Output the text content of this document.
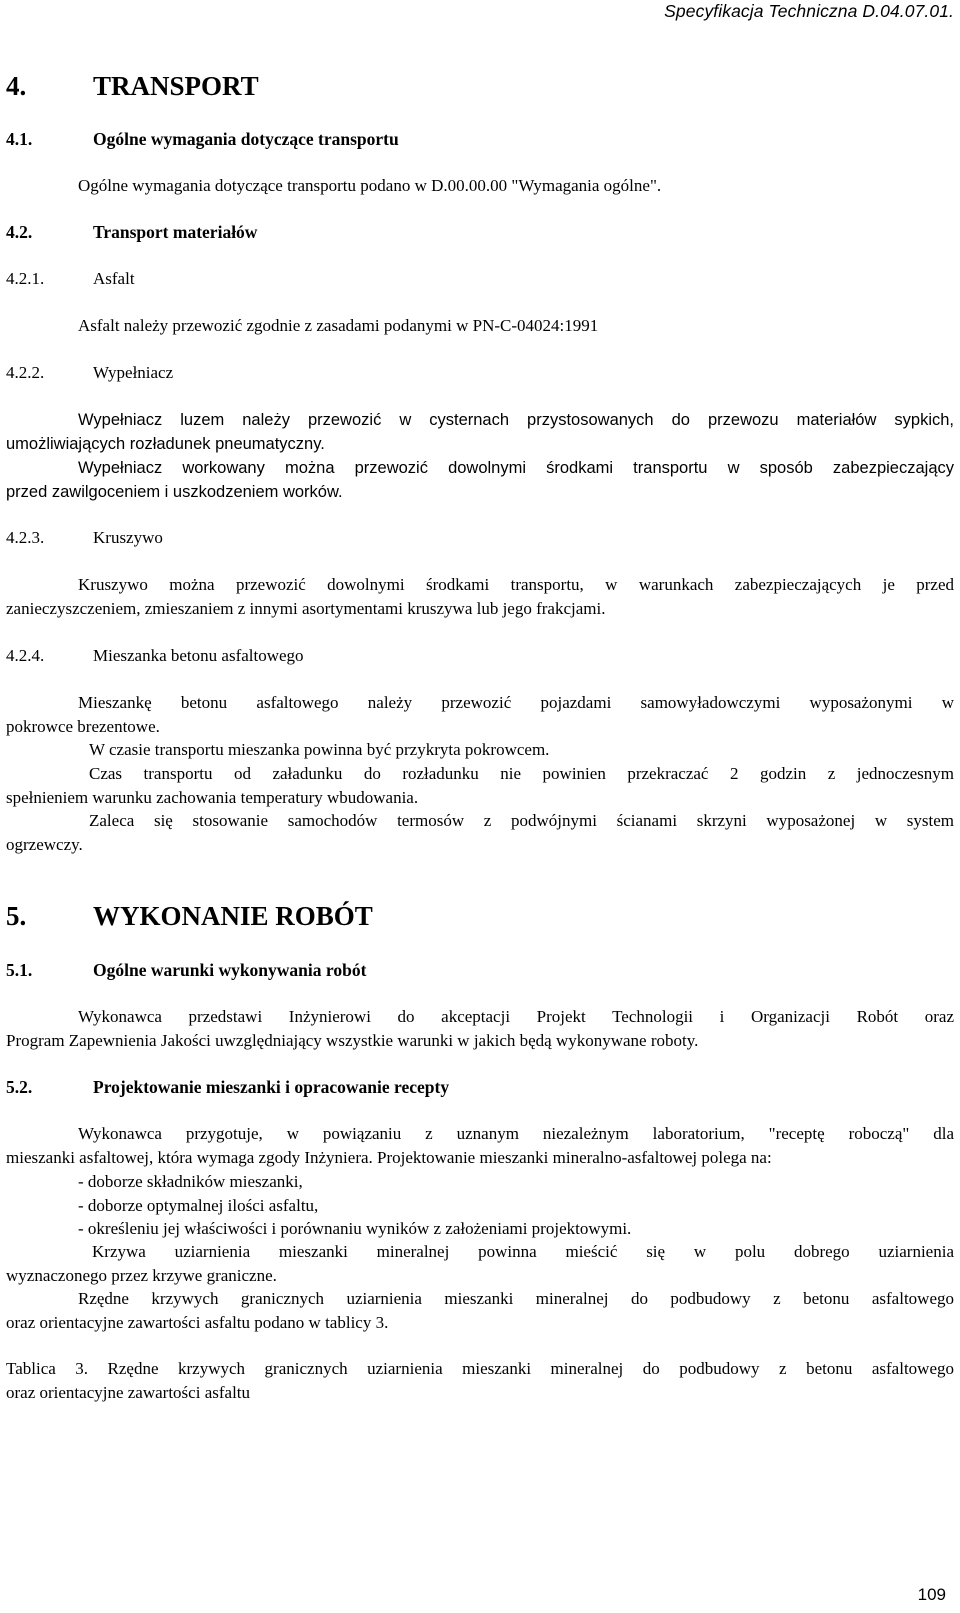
Specyfikacja Techniczna D.04.07.01.
4. TRANSPORT
4.1.	Ogólne wymagania dotyczące transportu
Ogólne wymagania dotyczące transportu podano w D.00.00.00 "Wymagania ogólne".
4.2.	Transport materiałów
4.2.1.	Asfalt
Asfalt należy przewozić zgodnie z zasadami podanymi w PN-C-04024:1991
4.2.2.	Wypełniacz
Wypełniacz luzem należy przewozić w cysternach przystosowanych do przewozu materiałów sypkich,
umożliwiających rozładunek pneumatyczny.
Wypełniacz workowany można przewozić dowolnymi środkami transportu w sposób zabezpieczający
przed zawilgoceniem i uszkodzeniem worków.
4.2.3.	Kruszywo
Kruszywo można przewozić dowolnymi środkami transportu, w warunkach zabezpieczających je przed
zanieczyszczeniem, zmieszaniem z innymi asortymentami kruszywa lub jego frakcjami.
4.2.4.	Mieszanka betonu asfaltowego
Mieszankę betonu asfaltowego należy przewozić pojazdami samowyładowczymi wyposażonymi w
pokrowce brezentowe.
W czasie transportu mieszanka powinna być przykryta pokrowcem.
Czas transportu od załadunku do rozładunku nie powinien przekraczać 2 godzin z jednoczesnym
spełnieniem warunku zachowania temperatury wbudowania.
Zaleca się stosowanie samochodów termosów z podwójnymi ścianami skrzyni wyposażonej w system
ogrzewczy.
5. WYKONANIE ROBÓT
5.1.	Ogólne warunki wykonywania robót
Wykonawca przedstawi Inżynierowi do akceptacji Projekt Technologii i Organizacji Robót oraz
Program Zapewnienia Jakości uwzględniający wszystkie warunki w jakich będą wykonywane roboty.
5.2.	Projektowanie mieszanki i opracowanie recepty
Wykonawca przygotuje, w powiązaniu z uznanym niezależnym laboratorium, "receptę roboczą" dla
mieszanki asfaltowej, która wymaga zgody Inżyniera. Projektowanie mieszanki mineralno-asfaltowej polega na:
- doborze składników mieszanki,
- doborze optymalnej ilości asfaltu,
- określeniu jej właściwości i porównaniu wyników z założeniami projektowymi.
Krzywa uziarnienia mieszanki mineralnej powinna mieścić się w polu dobrego uziarnienia
wyznaczonego przez krzywe graniczne.
Rzędne krzywych granicznych uziarnienia mieszanki mineralnej do podbudowy z betonu asfaltowego
oraz orientacyjne zawartości asfaltu podano w tablicy 3.
Tablica 3. Rzędne krzywych granicznych uziarnienia mieszanki mineralnej do podbudowy z betonu asfaltowego
oraz orientacyjne zawartości asfaltu
109
